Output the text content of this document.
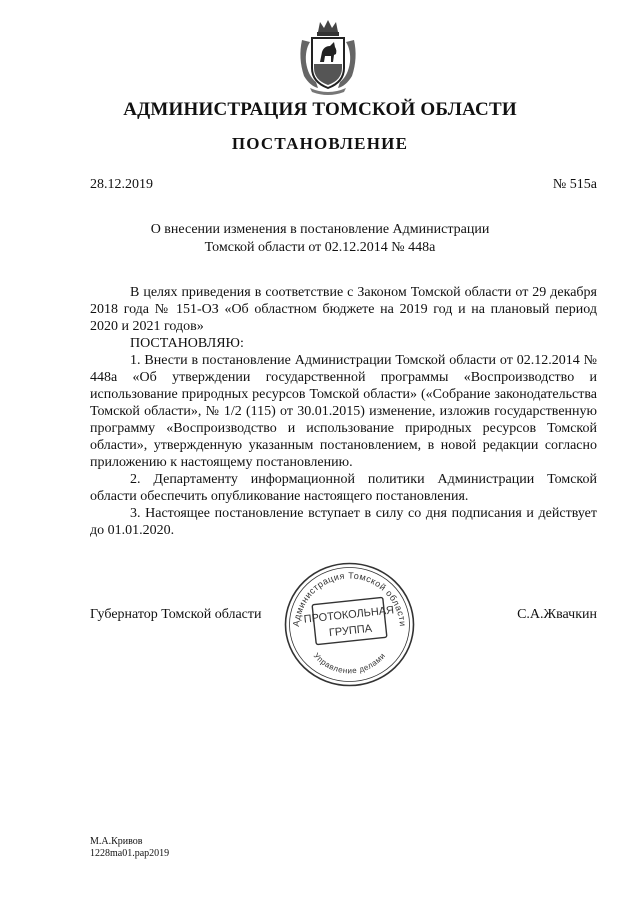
АДМИНИСТРАЦИЯ ТОМСКОЙ ОБЛАСТИ
ПОСТАНОВЛЕНИЕ
28.12.2019	№ 515а
О внесении изменения в постановление Администрации
Томской области от 02.12.2014 № 448а

В целях приведения в соответствие с Законом Томской области от 29 декабря 2018 года № 151-ОЗ «Об областном бюджете на 2019 год и на плановый период 2020 и 2021 годов»

ПОСТАНОВЛЯЮ:

1. Внести в постановление Администрации Томской области от 02.12.2014 № 448а «Об утверждении государственной программы «Воспроизводство и использование природных ресурсов Томской области» («Собрание законодательства Томской области», № 1/2 (115) от 30.01.2015) изменение, изложив государственную программу «Воспроизводство и использование природных ресурсов Томской области», утвержденную указанным постановлением, в новой редакции согласно приложению к настоящему постановлению.

2. Департаменту информационной политики Администрации Томской области обеспечить опубликование настоящего постановления.

3. Настоящее постановление вступает в силу со дня подписания и действует до 01.01.2020.

Губернатор Томской области	С.А.Жвачкин
Администрация Томской области
Управление делами
ПРОТОКОЛЬНАЯ
ГРУППА
М.А.Кривов
1228ma01.pap2019
